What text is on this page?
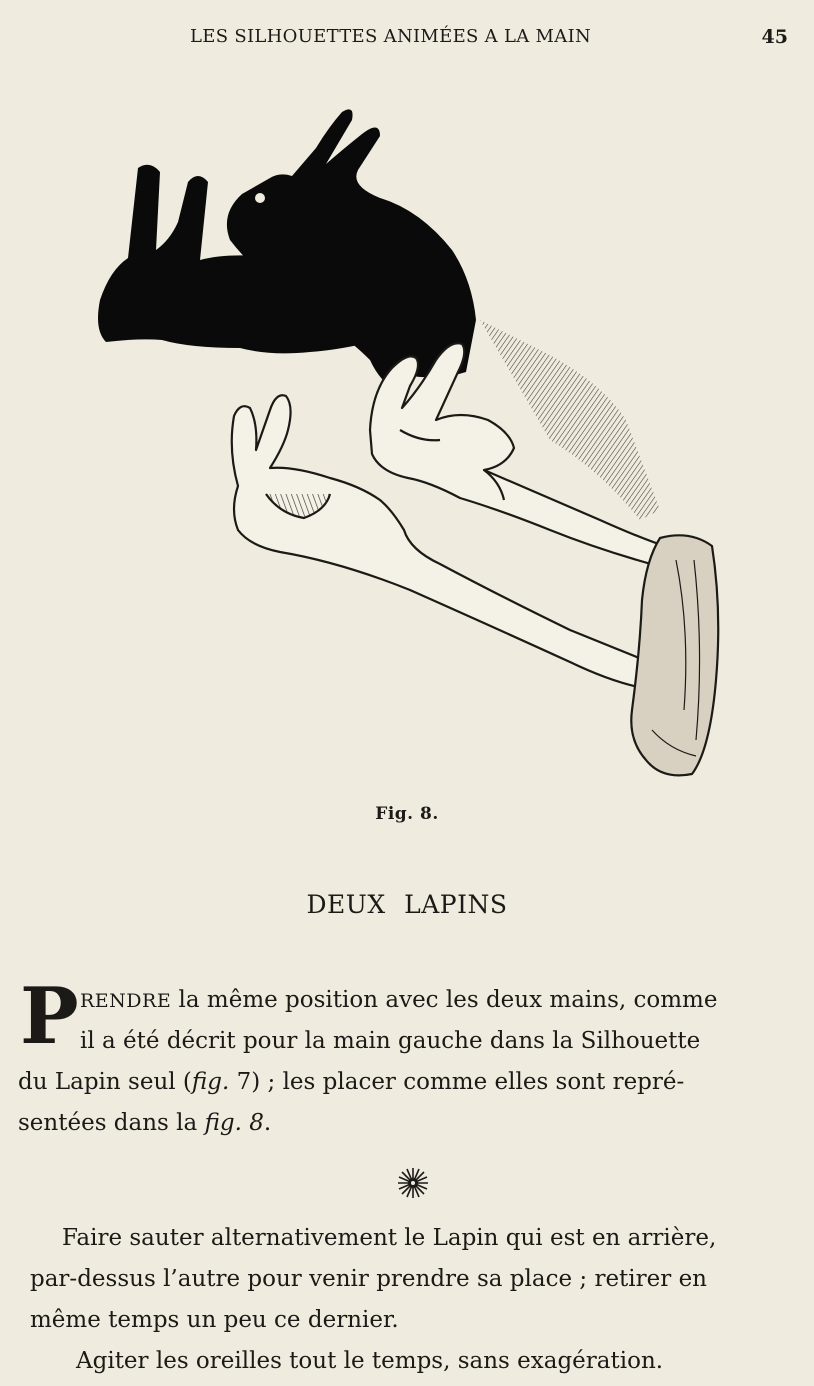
LES SILHOUETTES ANIMÉES A LA MAIN	45
Fig. 8.
DEUX LAPINS
P RENDRE la même position avec les deux mains, comme
il a été décrit pour la main gauche dans la Silhouette
du Lapin seul (fig. 7) ; les placer comme elles sont repré-
sentées dans la fig. 8.
Faire sauter alternativement le Lapin qui est en arrière,
par-dessus l’autre pour venir prendre sa place ; retirer en
même temps un peu ce dernier.
Agiter les oreilles tout le temps, sans exagération.
